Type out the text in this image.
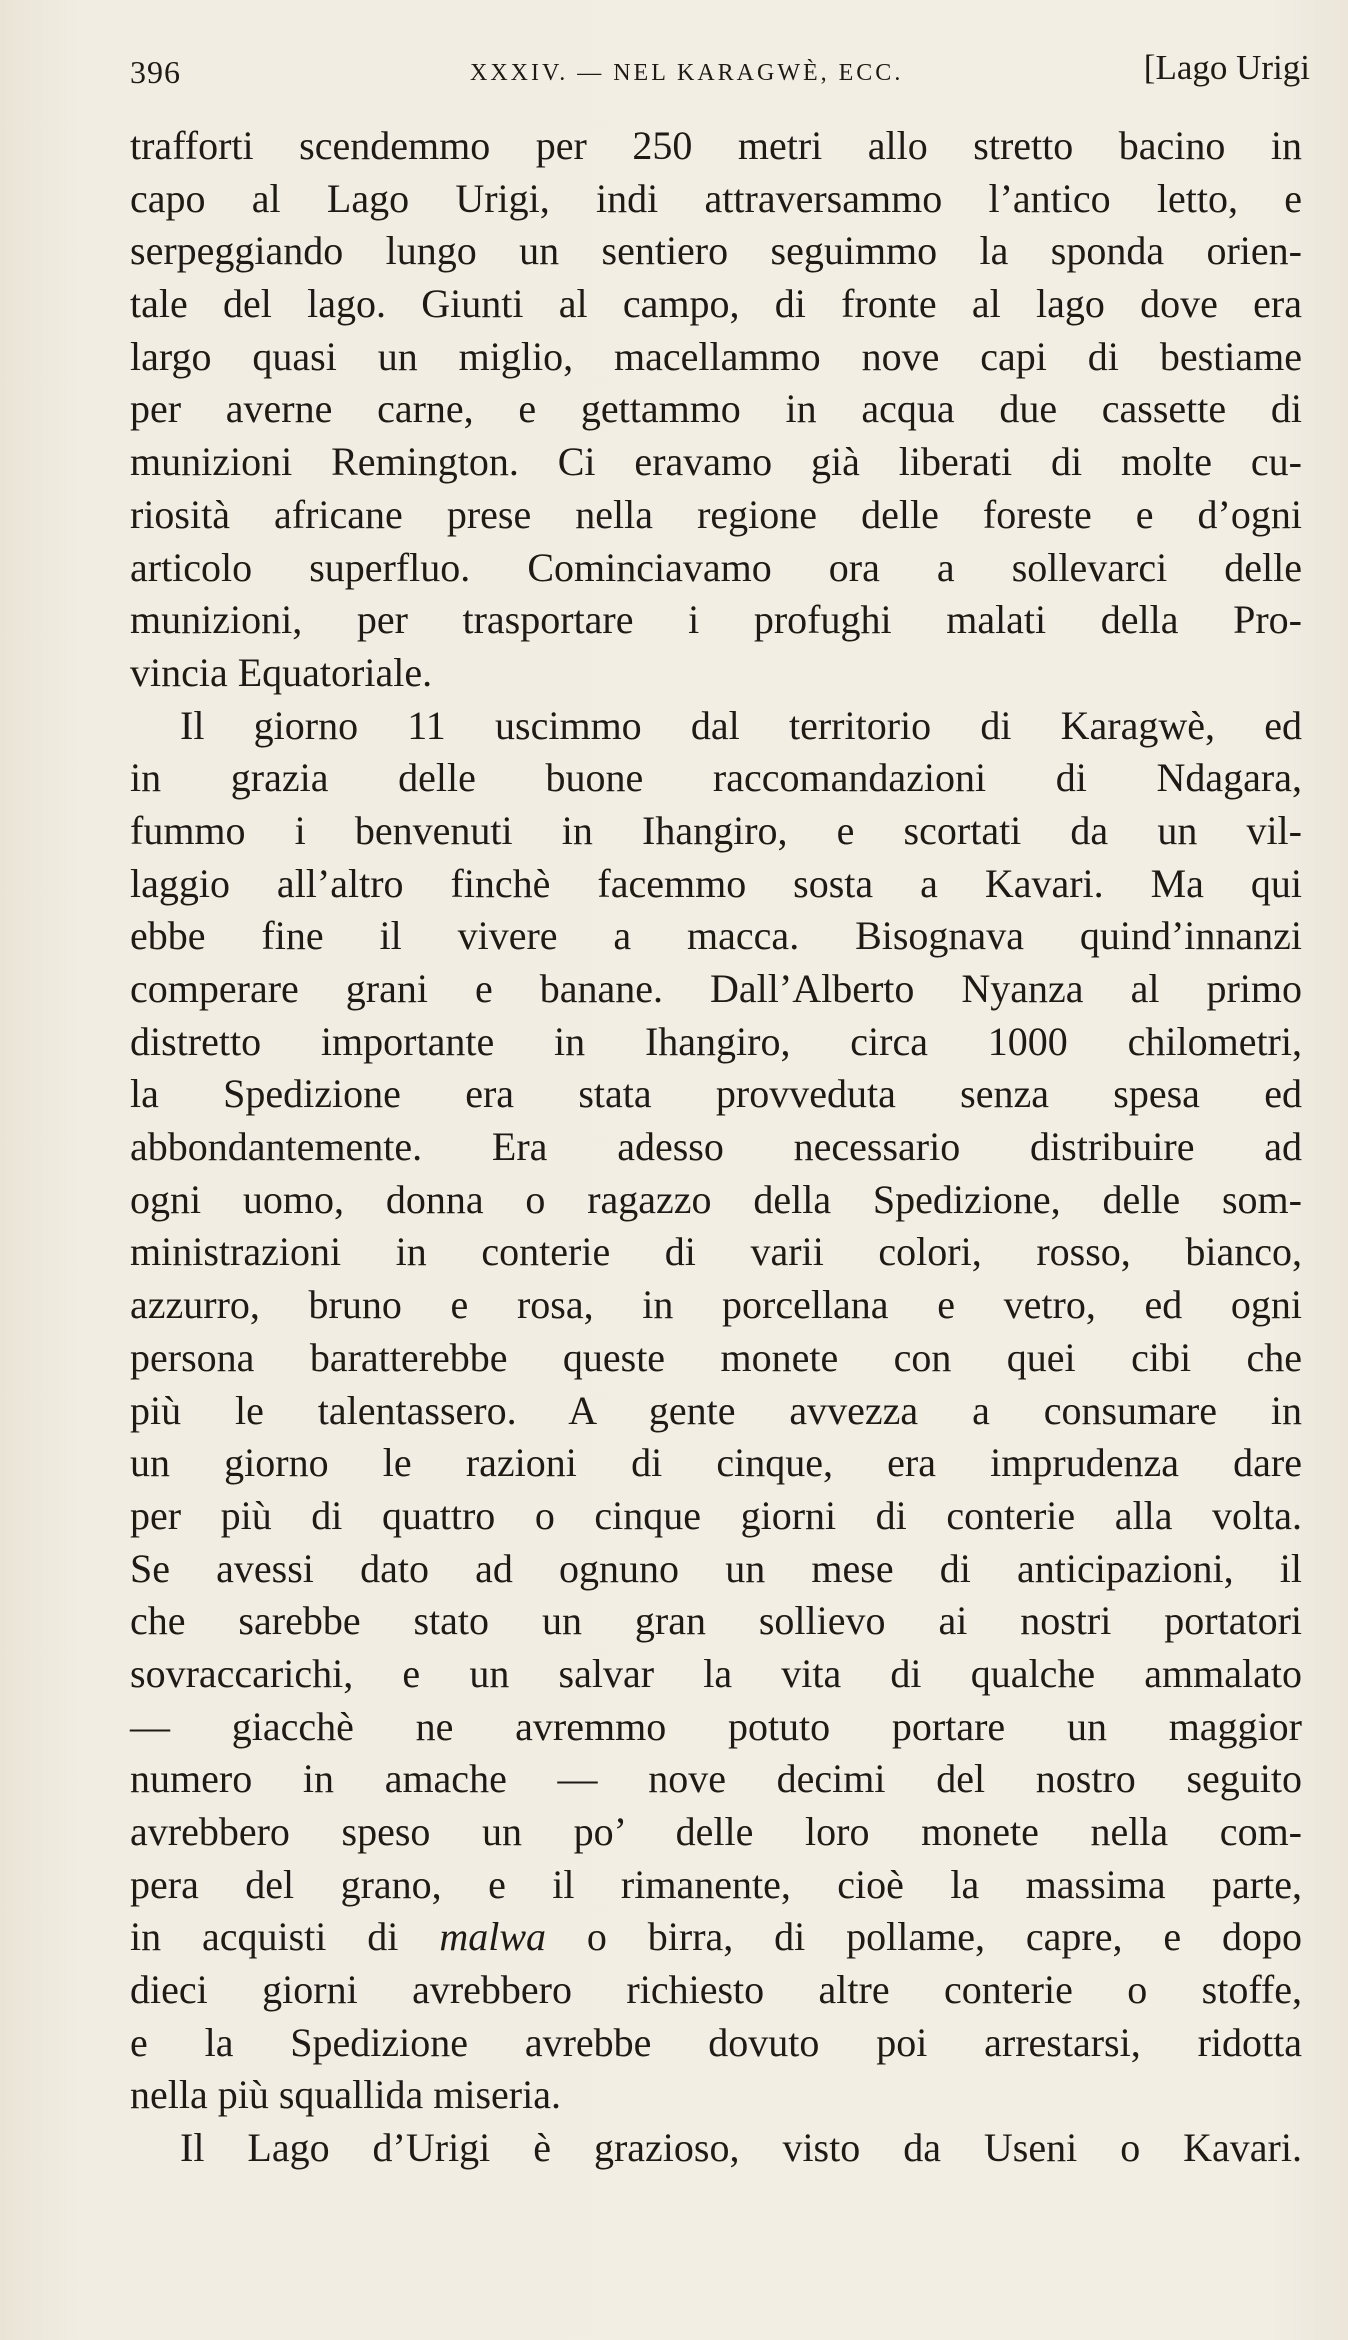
396	XXXIV. — NEL KARAGWÈ, ECC.	[Lago Urigi
trafforti scendemmo per 250 metri allo stretto bacino in
capo al Lago Urigi, indi attraversammo l’antico letto, e
serpeggiando lungo un sentiero seguimmo la sponda orien-
tale del lago. Giunti al campo, di fronte al lago dove era
largo quasi un miglio, macellammo nove capi di bestiame
per averne carne, e gettammo in acqua due cassette di
munizioni Remington. Ci eravamo già liberati di molte cu-
riosità africane prese nella regione delle foreste e d’ogni
articolo superfluo. Cominciavamo ora a sollevarci delle
munizioni, per trasportare i profughi malati della Pro-
vincia Equatoriale.
Il giorno 11 uscimmo dal territorio di Karagwè, ed
in grazia delle buone raccomandazioni di Ndagara,
fummo i benvenuti in Ihangiro, e scortati da un vil-
laggio all’altro finchè facemmo sosta a Kavari. Ma qui
ebbe fine il vivere a macca. Bisognava quind’innanzi
comperare grani e banane. Dall’Alberto Nyanza al primo
distretto importante in Ihangiro, circa 1000 chilometri,
la Spedizione era stata provveduta senza spesa ed
abbondantemente. Era adesso necessario distribuire ad
ogni uomo, donna o ragazzo della Spedizione, delle som-
ministrazioni in conterie di varii colori, rosso, bianco,
azzurro, bruno e rosa, in porcellana e vetro, ed ogni
persona baratterebbe queste monete con quei cibi che
più le talentassero. A gente avvezza a consumare in
un giorno le razioni di cinque, era imprudenza dare
per più di quattro o cinque giorni di conterie alla volta.
Se avessi dato ad ognuno un mese di anticipazioni, il
che sarebbe stato un gran sollievo ai nostri portatori
sovraccarichi, e un salvar la vita di qualche ammalato
— giacchè ne avremmo potuto portare un maggior
numero in amache — nove decimi del nostro seguito
avrebbero speso un po’ delle loro monete nella com-
pera del grano, e il rimanente, cioè la massima parte,
in acquisti di malwa o birra, di pollame, capre, e dopo
dieci giorni avrebbero richiesto altre conterie o stoffe,
e la Spedizione avrebbe dovuto poi arrestarsi, ridotta
nella più squallida miseria.
Il Lago d’Urigi è grazioso, visto da Useni o Kavari.
